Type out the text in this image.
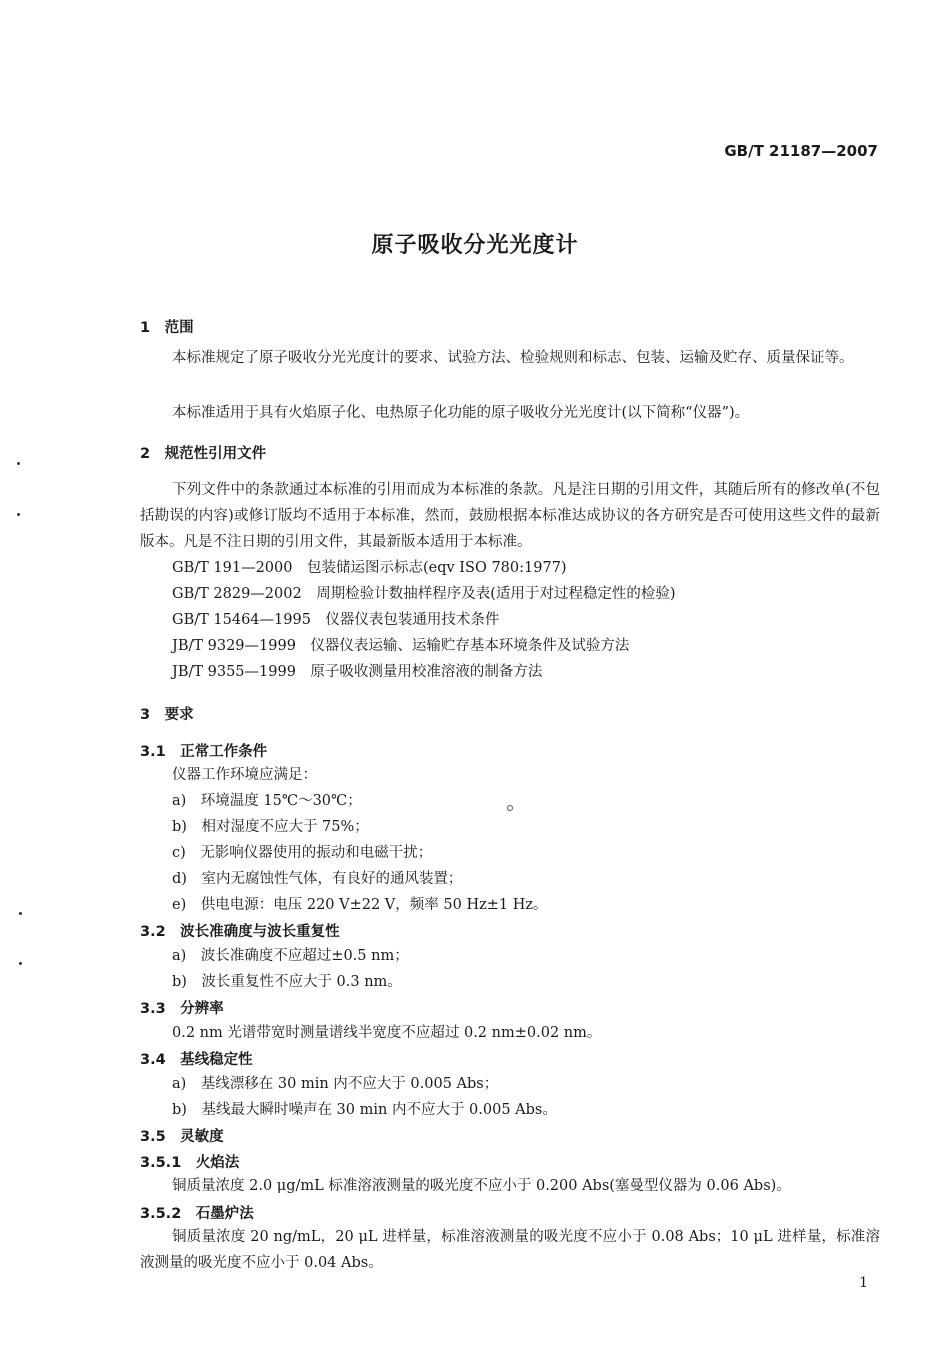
GB/T 21187—2007
原子吸收分光光度计
1　范围
本标准规定了原子吸收分光光度计的要求、试验方法、检验规则和标志、包装、运输及贮存、质量保证等。
本标准适用于具有火焰原子化、电热原子化功能的原子吸收分光光度计(以下简称“仪器”)。
2　规范性引用文件
下列文件中的条款通过本标准的引用而成为本标准的条款。凡是注日期的引用文件，其随后所有的修改单(不包括勘误的内容)或修订版均不适用于本标准，然而，鼓励根据本标准达成协议的各方研究是否可使用这些文件的最新版本。凡是不注日期的引用文件，其最新版本适用于本标准。
GB/T 191—2000　包装储运图示标志(eqv ISO 780:1977)
GB/T 2829—2002　周期检验计数抽样程序及表(适用于对过程稳定性的检验)
GB/T 15464—1995　仪器仪表包装通用技术条件
JB/T 9329—1999　仪器仪表运输、运输贮存基本环境条件及试验方法
JB/T 9355—1999　原子吸收测量用校准溶液的制备方法
3　要求
3.1　正常工作条件
仪器工作环境应满足：
a)　环境温度 15℃～30℃；
b)　相对湿度不应大于 75%；
c)　无影响仪器使用的振动和电磁干扰；
d)　室内无腐蚀性气体，有良好的通风装置；
e)　供电电源：电压 220 V±22 V，频率 50 Hz±1 Hz。
3.2　波长准确度与波长重复性
a)　波长准确度不应超过±0.5 nm；
b)　波长重复性不应大于 0.3 nm。
3.3　分辨率
0.2 nm 光谱带宽时测量谱线半宽度不应超过 0.2 nm±0.02 nm。
3.4　基线稳定性
a)　基线漂移在 30 min 内不应大于 0.005 Abs；
b)　基线最大瞬时噪声在 30 min 内不应大于 0.005 Abs。
3.5　灵敏度
3.5.1　火焰法
铜质量浓度 2.0 μg/mL 标准溶液测量的吸光度不应小于 0.200 Abs(塞曼型仪器为 0.06 Abs)。
3.5.2　石墨炉法
铜质量浓度 20 ng/mL，20 μL 进样量，标准溶液测量的吸光度不应小于 0.08 Abs；10 μL 进样量，标准溶液测量的吸光度不应小于 0.04 Abs。
1
